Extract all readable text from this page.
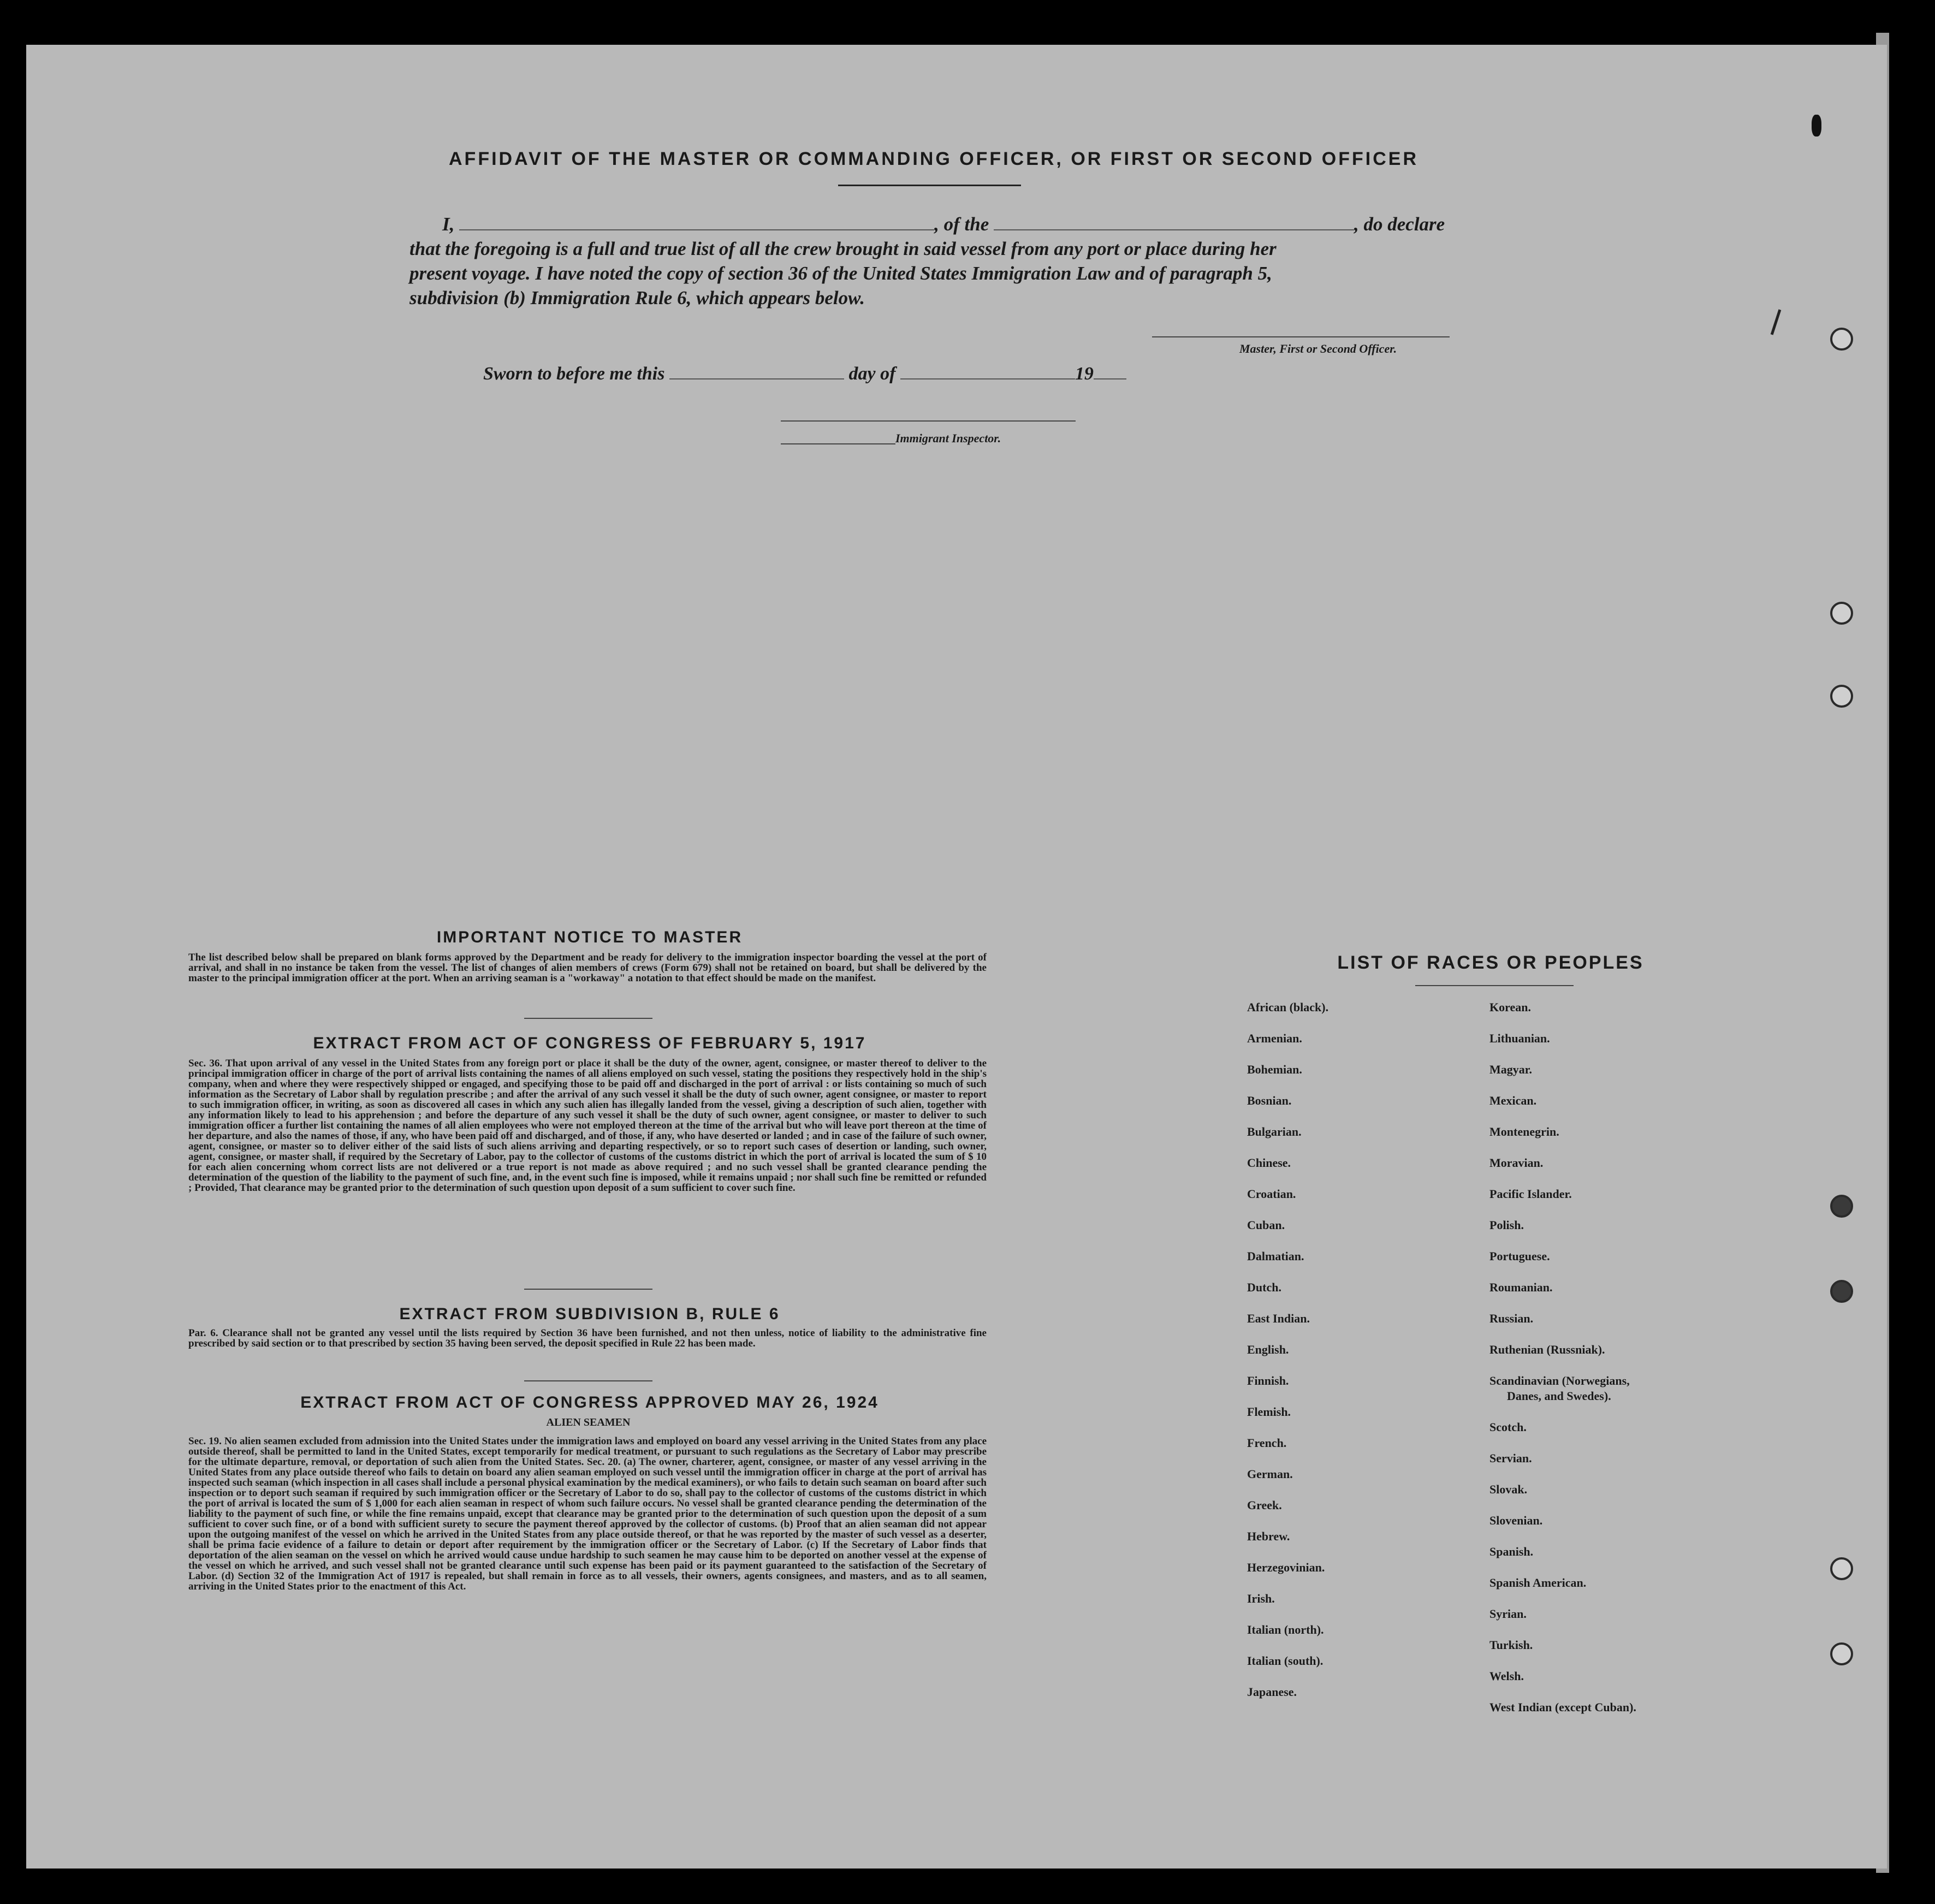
AFFIDAVIT OF THE MASTER OR COMMANDING OFFICER, OR FIRST OR SECOND OFFICER
I,	, of the	, do declare
that the foregoing is a full and true list of all the crew brought in said vessel from any port or place during her
present voyage. I have noted the copy of section 36 of the United States Immigration Law and of paragraph 5,
subdivision (b) Immigration Rule 6, which appears below.
Master, First or Second Officer.
Sworn to before me this	day of	19
Immigrant Inspector.
IMPORTANT NOTICE TO MASTER
The list described below shall be prepared on blank forms approved by the Department and be ready for delivery to the immigration inspector boarding the vessel at the port of arrival, and shall in no instance be taken from the vessel. The list of changes of alien members of crews (Form 679) shall not be retained on board, but shall be delivered by the master to the principal immigration officer at the port. When an arriving seaman is a "workaway" a notation to that effect should be made on the manifest.
EXTRACT FROM ACT OF CONGRESS OF FEBRUARY 5, 1917
Sec. 36. That upon arrival of any vessel in the United States from any foreign port or place it shall be the duty of the owner, agent, consignee, or master thereof to deliver to the principal immigration officer in charge of the port of arrival lists containing the names of all aliens employed on such vessel, stating the positions they respectively hold in the ship's company, when and where they were respectively shipped or engaged, and specifying those to be paid off and discharged in the port of arrival : or lists containing so much of such information as the Secretary of Labor shall by regulation prescribe ; and after the arrival of any such vessel it shall be the duty of such owner, agent consignee, or master to report to such immigration officer, in writing, as soon as discovered all cases in which any such alien has illegally landed from the vessel, giving a description of such alien, together with any information likely to lead to his apprehension ; and before the departure of any such vessel it shall be the duty of such owner, agent consignee, or master to deliver to such immigration officer a further list containing the names of all alien employees who were not employed thereon at the time of the arrival but who will leave port thereon at the time of her departure, and also the names of those, if any, who have been paid off and discharged, and of those, if any, who have deserted or landed ; and in case of the failure of such owner, agent, consignee, or master so to deliver either of the said lists of such aliens arriving and departing respectively, or so to report such cases of desertion or landing, such owner, agent, consignee, or master shall, if required by the Secretary of Labor, pay to the collector of customs of the customs district in which the port of arrival is located the sum of $ 10 for each alien concerning whom correct lists are not delivered or a true report is not made as above required ; and no such vessel shall be granted clearance pending the determination of the question of the liability to the payment of such fine, and, in the event such fine is imposed, while it remains unpaid ; nor shall such fine be remitted or refunded ; Provided, That clearance may be granted prior to the determination of such question upon deposit of a sum sufficient to cover such fine.
EXTRACT FROM SUBDIVISION B, RULE 6
Par. 6. Clearance shall not be granted any vessel until the lists required by Section 36 have been furnished, and not then unless, notice of liability to the administrative fine prescribed by said section or to that prescribed by section 35 having been served, the deposit specified in Rule 22 has been made.
EXTRACT FROM ACT OF CONGRESS APPROVED MAY 26, 1924
ALIEN SEAMEN
Sec. 19. No alien seamen excluded from admission into the United States under the immigration laws and employed on board any vessel arriving in the United States from any place outside thereof, shall be permitted to land in the United States, except temporarily for medical treatment, or pursuant to such regulations as the Secretary of Labor may prescribe for the ultimate departure, removal, or deportation of such alien from the United States. Sec. 20. (a) The owner, charterer, agent, consignee, or master of any vessel arriving in the United States from any place outside thereof who fails to detain on board any alien seaman employed on such vessel until the immigration officer in charge at the port of arrival has inspected such seaman (which inspection in all cases shall include a personal physical examination by the medical examiners), or who fails to detain such seaman on board after such inspection or to deport such seaman if required by such immigration officer or the Secretary of Labor to do so, shall pay to the collector of customs of the customs district in which the port of arrival is located the sum of $ 1,000 for each alien seaman in respect of whom such failure occurs. No vessel shall be granted clearance pending the determination of the liability to the payment of such fine, or while the fine remains unpaid, except that clearance may be granted prior to the determination of such question upon the deposit of a sum sufficient to cover such fine, or of a bond with sufficient surety to secure the payment thereof approved by the collector of customs. (b) Proof that an alien seaman did not appear upon the outgoing manifest of the vessel on which he arrived in the United States from any place outside thereof, or that he was reported by the master of such vessel as a deserter, shall be prima facie evidence of a failure to detain or deport after requirement by the immigration officer or the Secretary of Labor. (c) If the Secretary of Labor finds that deportation of the alien seaman on the vessel on which he arrived would cause undue hardship to such seamen he may cause him to be deported on another vessel at the expense of the vessel on which he arrived, and such vessel shall not be granted clearance until such expense has been paid or its payment guaranteed to the satisfaction of the Secretary of Labor. (d) Section 32 of the Immigration Act of 1917 is repealed, but shall remain in force as to all vessels, their owners, agents consignees, and masters, and as to all seamen, arriving in the United States prior to the enactment of this Act.
LIST OF RACES OR PEOPLES
African (black).
Armenian.
Bohemian.
Bosnian.
Bulgarian.
Chinese.
Croatian.
Cuban.
Dalmatian.
Dutch.
East Indian.
English.
Finnish.
Flemish.
French.
German.
Greek.
Hebrew.
Herzegovinian.
Irish.
Italian (north).
Italian (south).
Japanese.
Korean.
Lithuanian.
Magyar.
Mexican.
Montenegrin.
Moravian.
Pacific Islander.
Polish.
Portuguese.
Roumanian.
Russian.
Ruthenian (Russniak).
Scandinavian (Norwegians,
Danes, and Swedes).
Scotch.
Servian.
Slovak.
Slovenian.
Spanish.
Spanish American.
Syrian.
Turkish.
Welsh.
West Indian (except Cuban).
